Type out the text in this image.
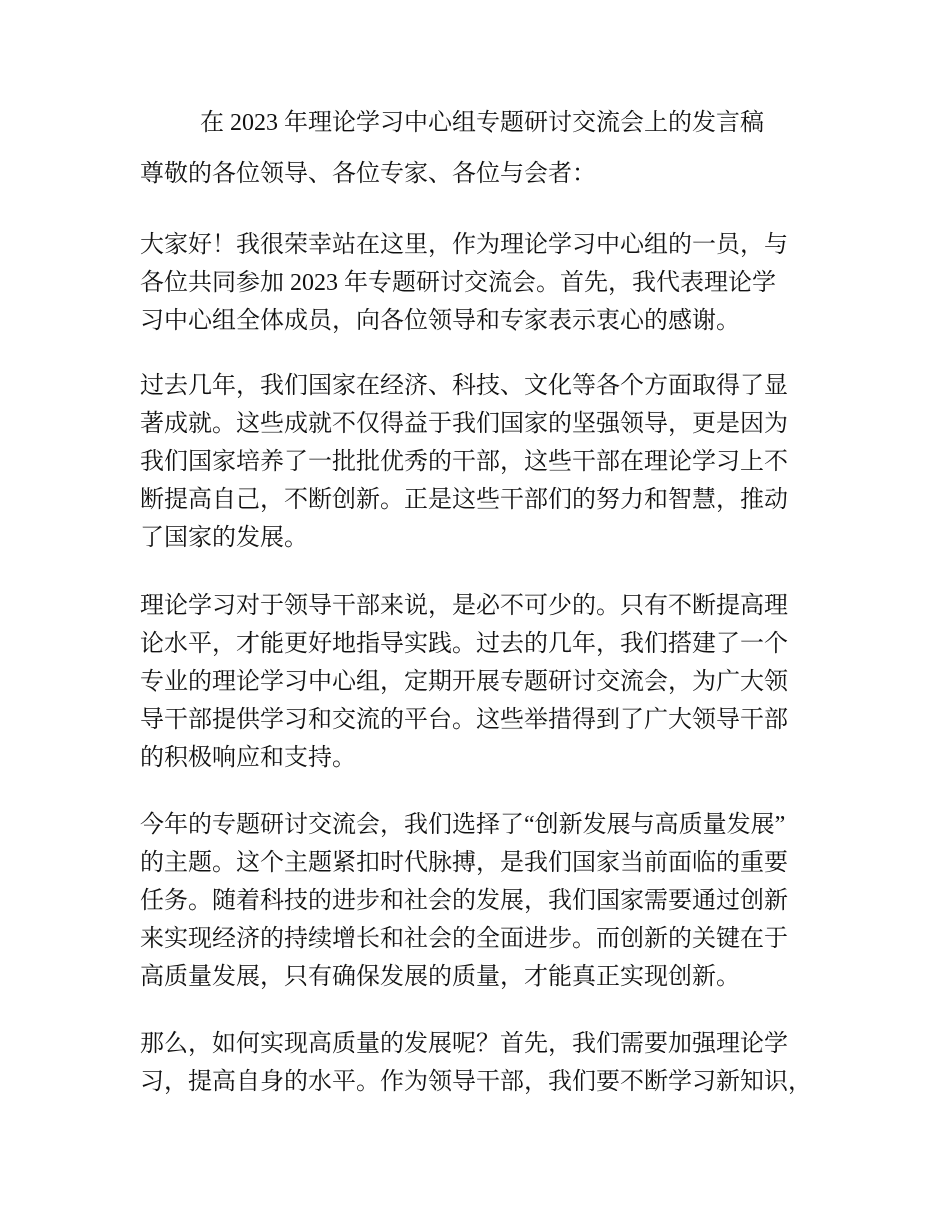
在 2023 年理论学习中心组专题研讨交流会上的发言稿

尊敬的各位领导、各位专家、各位与会者：

大家好！我很荣幸站在这里，作为理论学习中心组的一员，与
各位共同参加 2023 年专题研讨交流会。首先，我代表理论学
习中心组全体成员，向各位领导和专家表示衷心的感谢。

过去几年，我们国家在经济、科技、文化等各个方面取得了显
著成就。这些成就不仅得益于我们国家的坚强领导，更是因为
我们国家培养了一批批优秀的干部，这些干部在理论学习上不
断提高自己，不断创新。正是这些干部们的努力和智慧，推动
了国家的发展。

理论学习对于领导干部来说，是必不可少的。只有不断提高理
论水平，才能更好地指导实践。过去的几年，我们搭建了一个
专业的理论学习中心组，定期开展专题研讨交流会，为广大领
导干部提供学习和交流的平台。这些举措得到了广大领导干部
的积极响应和支持。

今年的专题研讨交流会，我们选择了“创新发展与高质量发展”
的主题。这个主题紧扣时代脉搏，是我们国家当前面临的重要
任务。随着科技的进步和社会的发展，我们国家需要通过创新
来实现经济的持续增长和社会的全面进步。而创新的关键在于
高质量发展，只有确保发展的质量，才能真正实现创新。

那么，如何实现高质量的发展呢？首先，我们需要加强理论学
习，提高自身的水平。作为领导干部，我们要不断学习新知识，
